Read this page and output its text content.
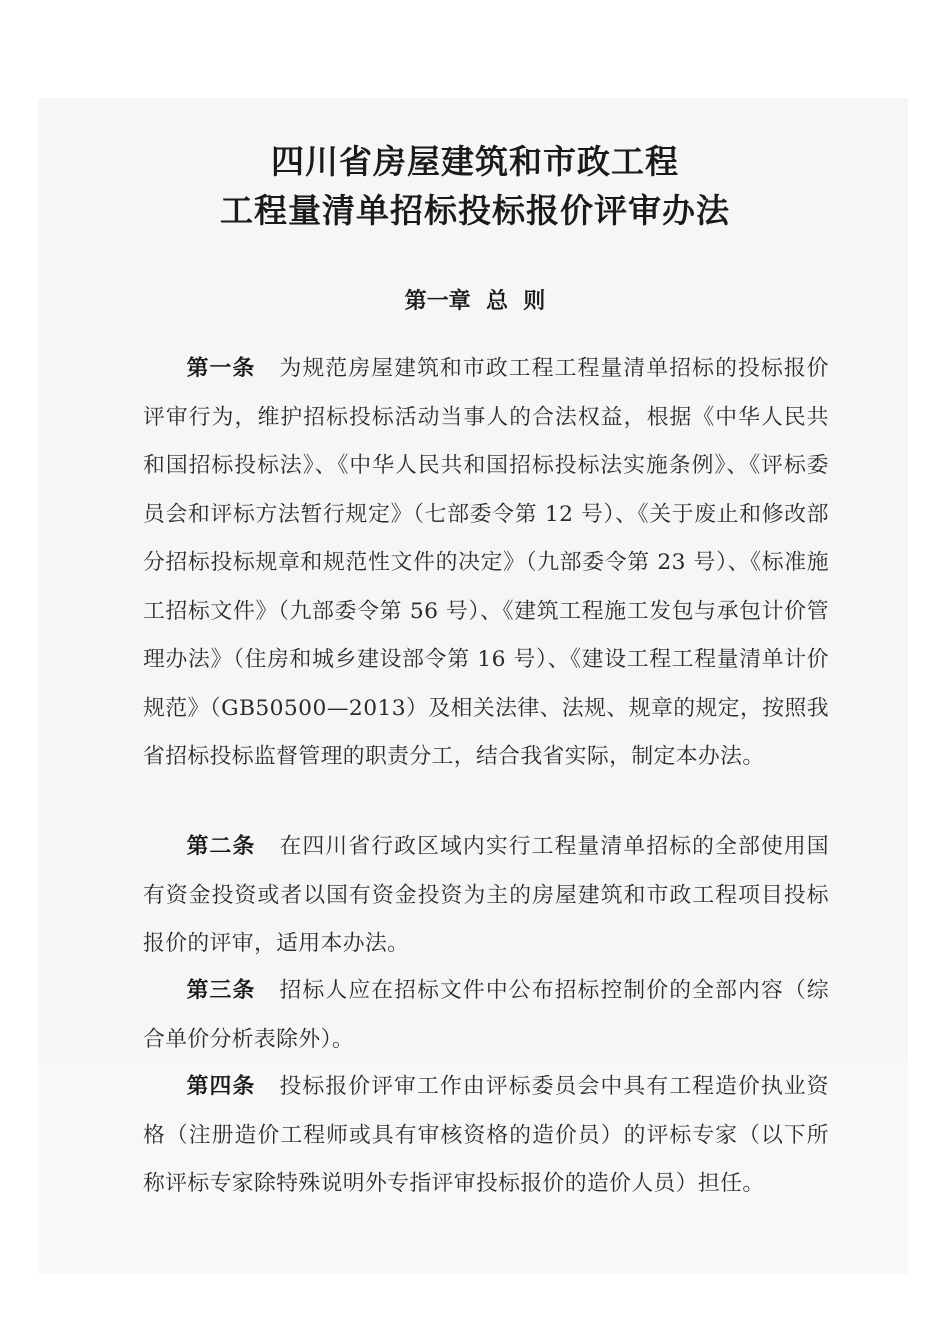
四川省房屋建筑和市政工程
工程量清单招标投标报价评审办法
第一章  总  则

第一条 为规范房屋建筑和市政工程工程量清单招标的投标报价评审行为，维护招标投标活动当事人的合法权益，根据《中华人民共和国招标投标法》、《中华人民共和国招标投标法实施条例》、《评标委员会和评标方法暂行规定》（七部委令第 12 号）、《关于废止和修改部分招标投标规章和规范性文件的决定》（九部委令第 23 号）、《标准施工招标文件》（九部委令第 56 号）、《建筑工程施工发包与承包计价管理办法》（住房和城乡建设部令第 16 号）、《建设工程工程量清单计价规范》（GB50500—2013）及相关法律、法规、规章的规定，按照我省招标投标监督管理的职责分工，结合我省实际，制定本办法。

第二条 在四川省行政区域内实行工程量清单招标的全部使用国有资金投资或者以国有资金投资为主的房屋建筑和市政工程项目投标报价的评审，适用本办法。

第三条 招标人应在招标文件中公布招标控制价的全部内容（综合单价分析表除外）。

第四条 投标报价评审工作由评标委员会中具有工程造价执业资格（注册造价工程师或具有审核资格的造价员）的评标专家（以下所称评标专家除特殊说明外专指评审投标报价的造价人员）担任。
